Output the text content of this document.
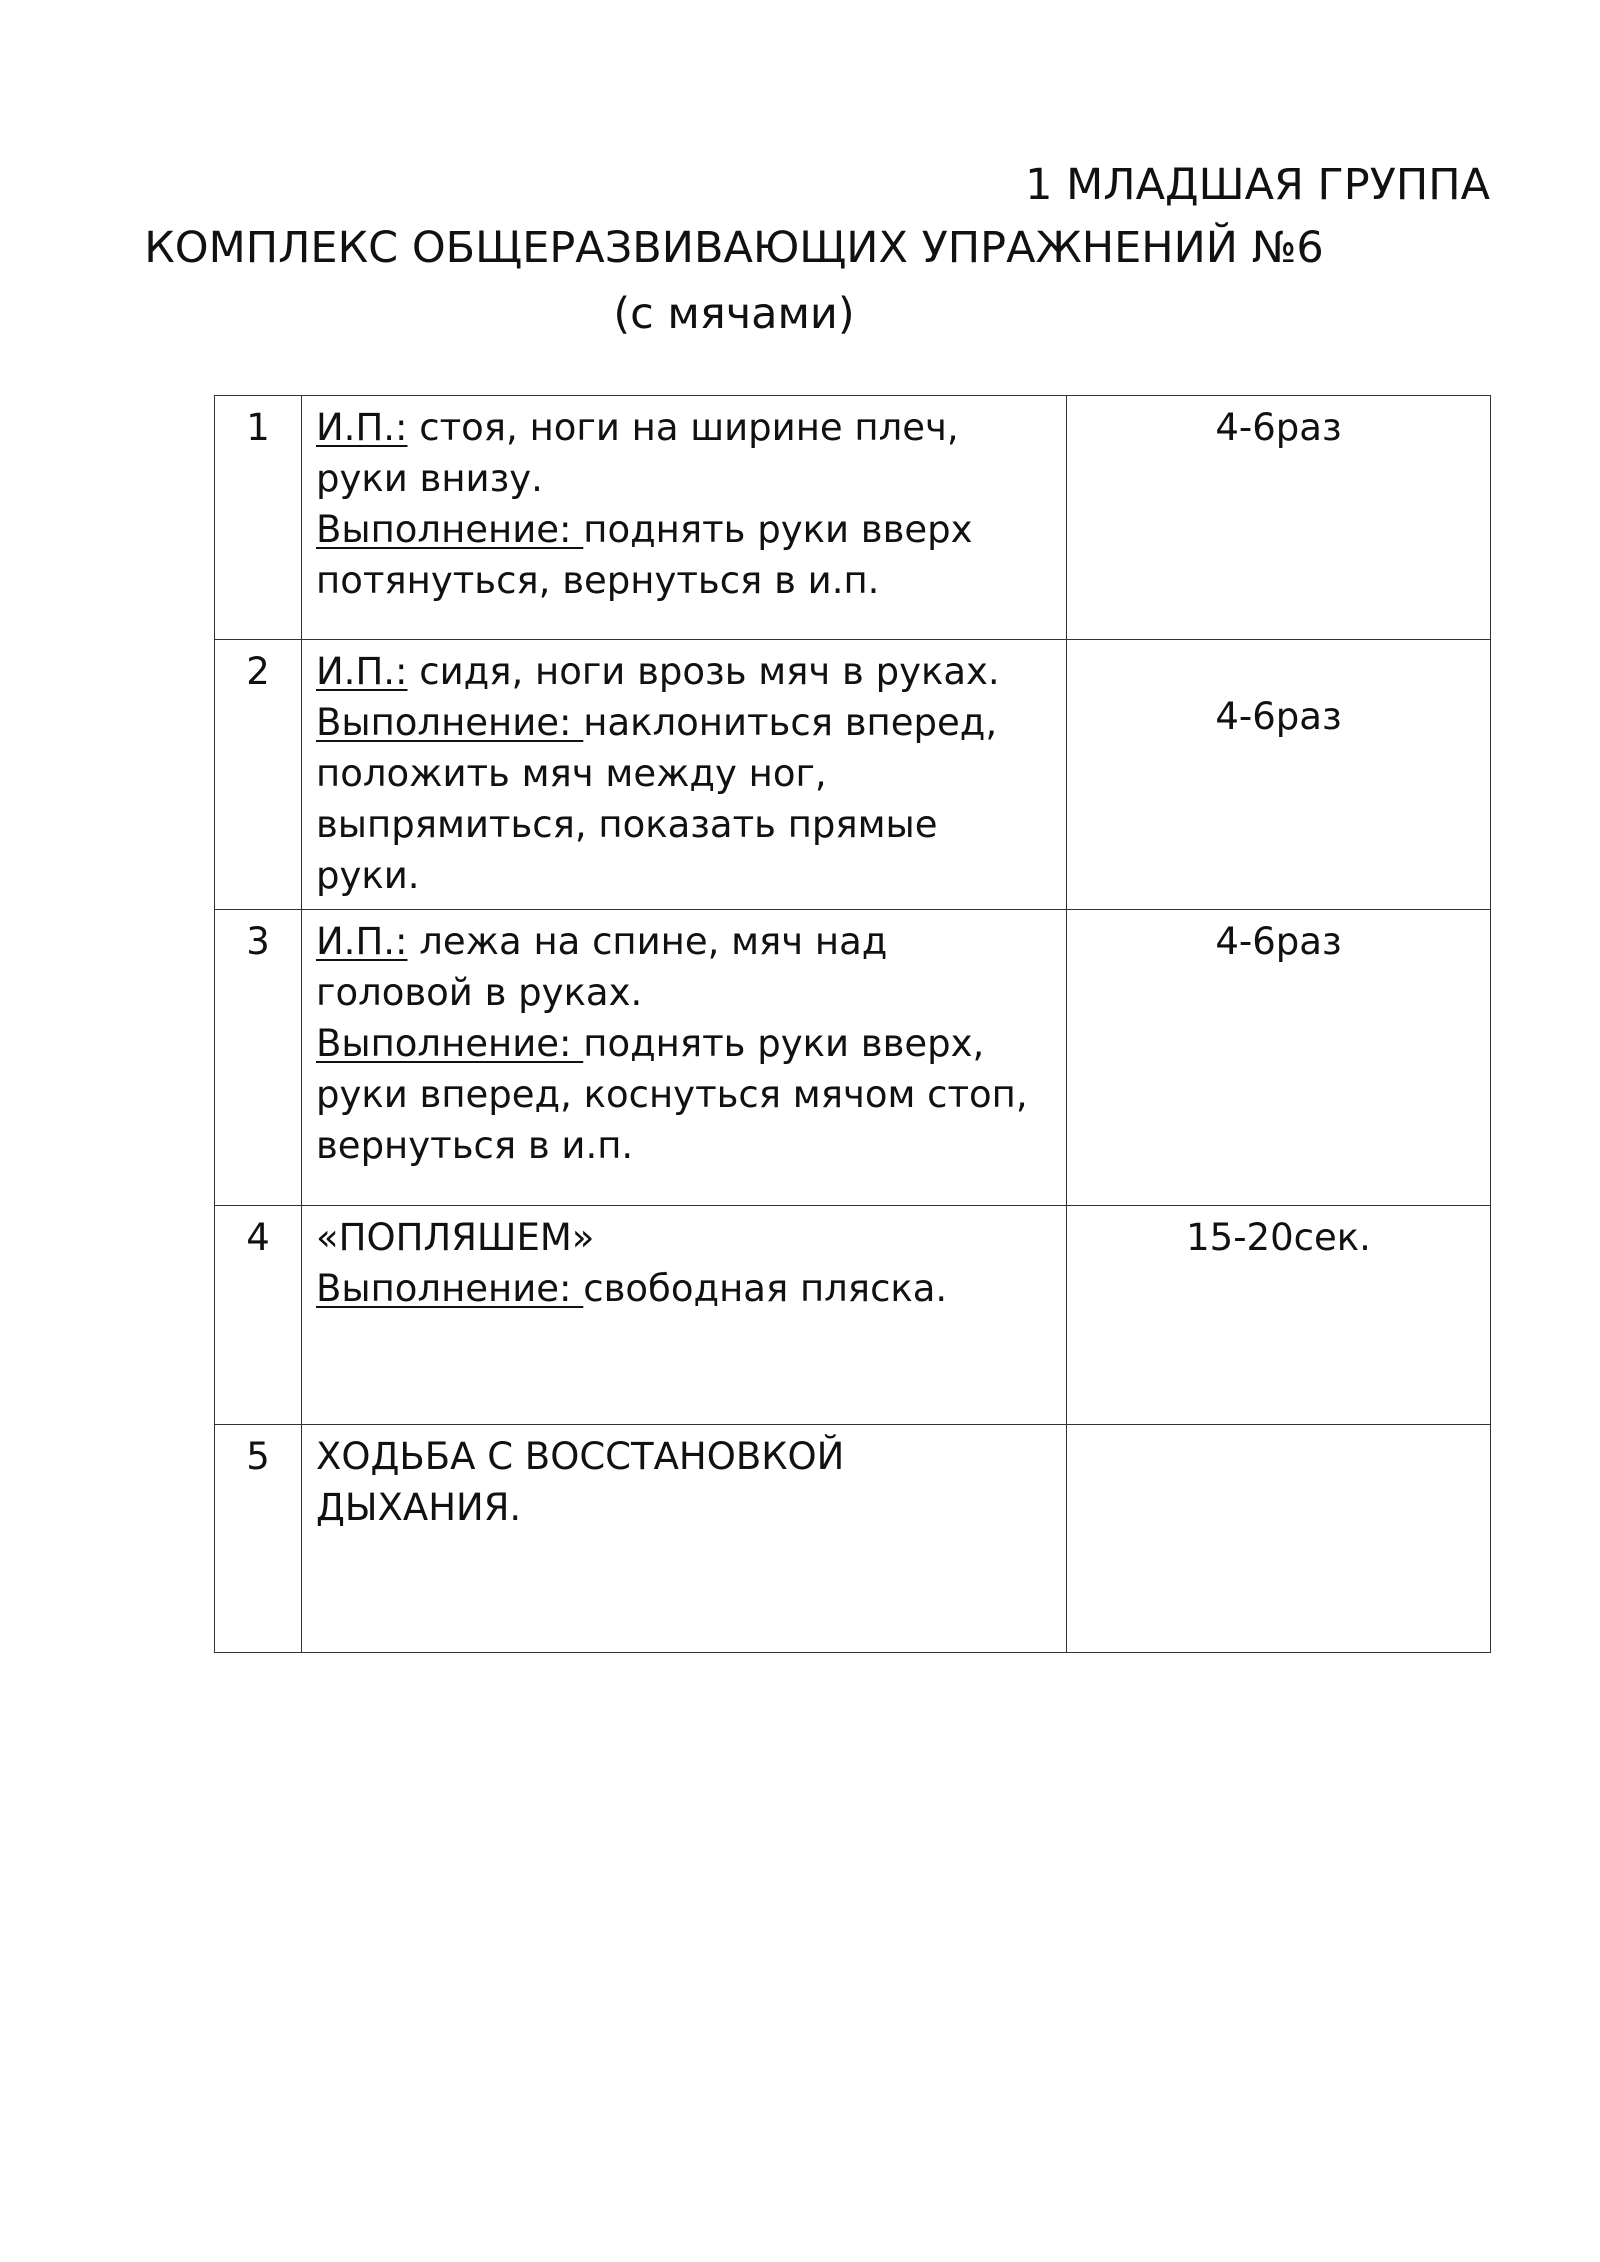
1 МЛАДШАЯ ГРУППА
КОМПЛЕКС ОБЩЕРАЗВИВАЮЩИХ УПРАЖНЕНИЙ №6
(с мячами)
1	И.П.: стоя, ноги на ширине плеч, руки внизу.
Выполнение: поднять руки вверх потянуться, вернуться в и.п.	4-6раз
2	И.П.: сидя, ноги врозь мяч в руках.
Выполнение: наклониться вперед, положить мяч между ног, выпрямиться, показать прямые руки.	4-6раз
3	И.П.: лежа на спине, мяч над головой в руках.
Выполнение: поднять руки вверх, руки вперед, коснуться мячом стоп, вернуться в и.п.	4-6раз
4	«ПОПЛЯШЕМ»
Выполнение: свободная пляска.	15-20сек.
5	ХОДЬБА С ВОССТАНОВКОЙ ДЫХАНИЯ.	
